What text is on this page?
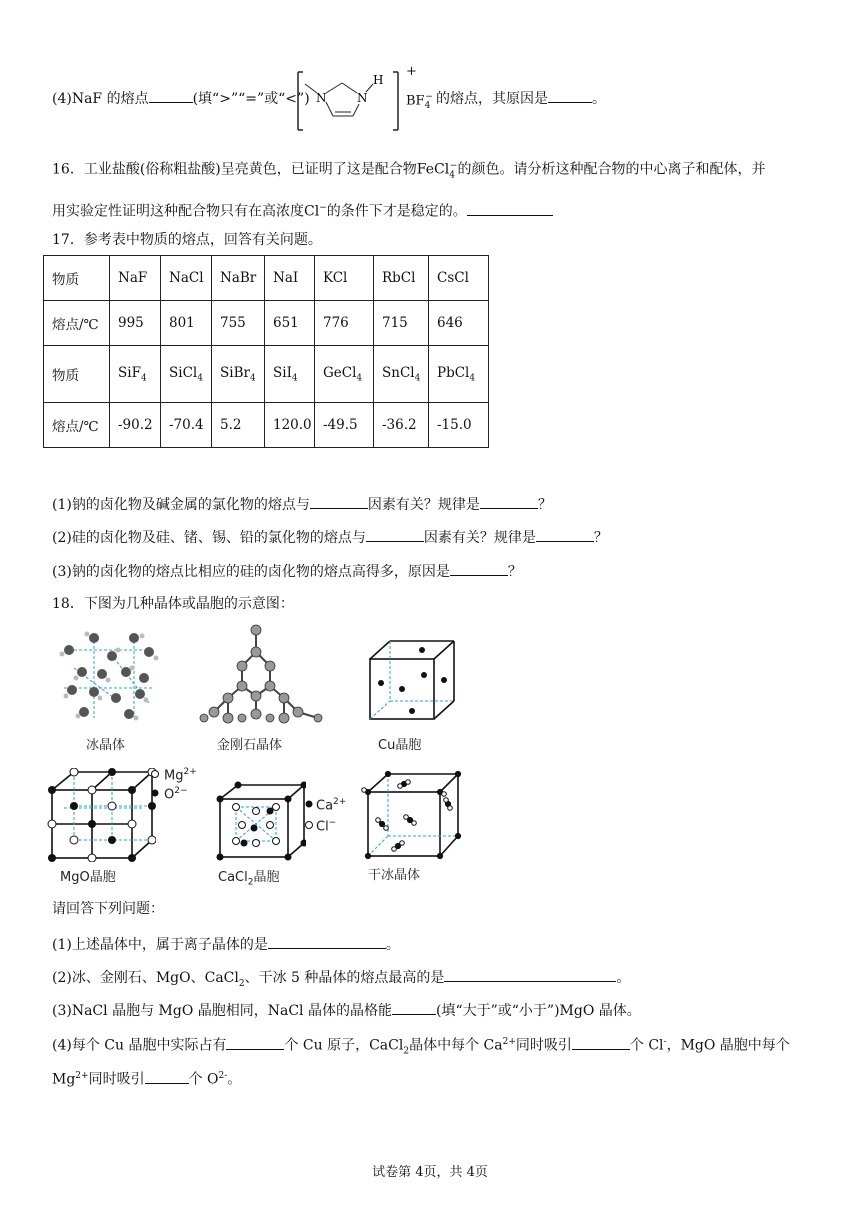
(4)NaF 的熔点	(填“>”“=”或“<”) N	N
H
+
$BF_4^-$ 的熔点，其原因是	。
16．工业盐酸(俗称粗盐酸)呈亮黄色，已证明了这是配合物FeCl$_4$−的颜色。请分析这种配合物的中心离子和配体，并
用实验定性证明这种配合物只有在高浓度Cl−的条件下才是稳定的。
17．参考表中物质的熔点，回答有关问题。
物质	NaF	NaCl	NaBr	NaI	KCl	RbCl	CsCl
熔点/℃	995	801	755	651	776	715	646
物质	SiF$_4$	SiCl$_4$	SiBr$_4$	SiI$_4$	GeCl$_4$	SnCl$_4$	PbCl$_4$
熔点/℃	-90.2	-70.4	5.2	120.0	-49.5	-36.2	-15.0
(1)钠的卤化物及碱金属的氯化物的熔点与	因素有关？规律是	？
(2)硅的卤化物及硅、锗、锡、铅的氯化物的熔点与	因素有关？规律是	？
(3)钠的卤化物的熔点比相应的硅的卤化物的熔点高得多，原因是	？
18．下图为几种晶体或晶胞的示意图：
冰晶体	金刚石晶体	Cu晶胞
$Mg^{2+}$
$O^{2-}$
MgO晶胞
$Ca^{2+}$
Cl−
CaCl$_2$晶胞	干冰晶体
请回答下列问题：
(1)上述晶体中，属于离子晶体的是	。
(2)冰、金刚石、MgO、CaCl$_2$、干冰 5 种晶体的熔点最高的是	。
(3)NaCl 晶胞与 MgO 晶胞相同，NaCl 晶体的晶格能	(填“大于”或“小于”)MgO 晶体。
(4)每个 Cu 晶胞中实际占有	个 Cu 原子，CaCl$_2$晶体中每个 $Ca^{2+}$同时吸引	个 Cl-，MgO 晶胞中每个
$Mg^{2+}$同时吸引	个 $O^{2-}$。
试卷第 4页，共 4页
